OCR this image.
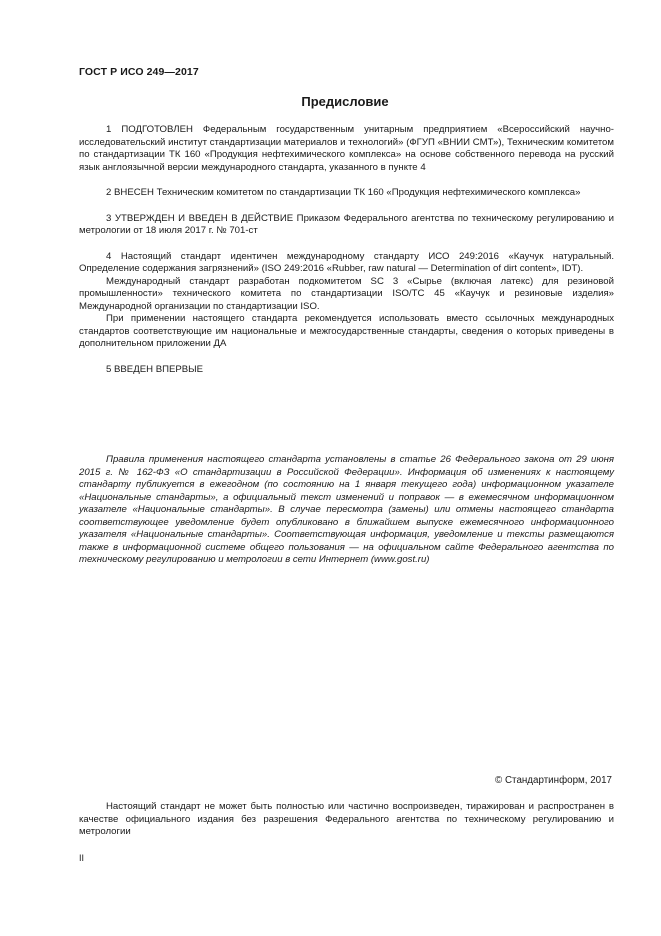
ГОСТ Р ИСО 249—2017
Предисловие

1 ПОДГОТОВЛЕН Федеральным государственным унитарным предприятием «Всероссийский научно-исследовательский институт стандартизации материалов и технологий» (ФГУП «ВНИИ СМТ»), Техническим комитетом по стандартизации ТК 160 «Продукция нефтехимического комплекса» на основе собственного перевода на русский язык англоязычной версии международного стандарта, указанного в пункте 4

2 ВНЕСЕН Техническим комитетом по стандартизации ТК 160 «Продукция нефтехимического комплекса»

3 УТВЕРЖДЕН И ВВЕДЕН В ДЕЙСТВИЕ Приказом Федерального агентства по техническому регулированию и метрологии от 18 июля 2017 г. № 701-ст

4 Настоящий стандарт идентичен международному стандарту ИСО 249:2016 «Каучук натуральный. Определение содержания загрязнений» (ISO 249:2016 «Rubber, raw natural — Determination of dirt content», IDT).

Международный стандарт разработан подкомитетом SC 3 «Сырье (включая латекс) для резиновой промышленности» технического комитета по стандартизации ISO/TC 45 «Каучук и резиновые изделия» Международной организации по стандартизации ISO.

При применении настоящего стандарта рекомендуется использовать вместо ссылочных международных стандартов соответствующие им национальные и межгосударственные стандарты, сведения о которых приведены в дополнительном приложении ДА

5 ВВЕДЕН ВПЕРВЫЕ

Правила применения настоящего стандарта установлены в статье 26 Федерального закона от 29 июня 2015 г. № 162-ФЗ «О стандартизации в Российской Федерации». Информация об изменениях к настоящему стандарту публикуется в ежегодном (по состоянию на 1 января текущего года) информационном указателе «Национальные стандарты», а официальный текст изменений и поправок — в ежемесячном информационном указателе «Национальные стандарты». В случае пересмотра (замены) или отмены настоящего стандарта соответствующее уведомление будет опубликовано в ближайшем выпуске ежемесячного информационного указателя «Национальные стандарты». Соответствующая информация, уведомление и тексты размещаются также в информационной системе общего пользования — на официальном сайте Федерального агентства по техническому регулированию и метрологии в сети Интернет (www.gost.ru)

© Стандартинформ, 2017

Настоящий стандарт не может быть полностью или частично воспроизведен, тиражирован и распространен в качестве официального издания без разрешения Федерального агентства по техническому регулированию и метрологии

II
